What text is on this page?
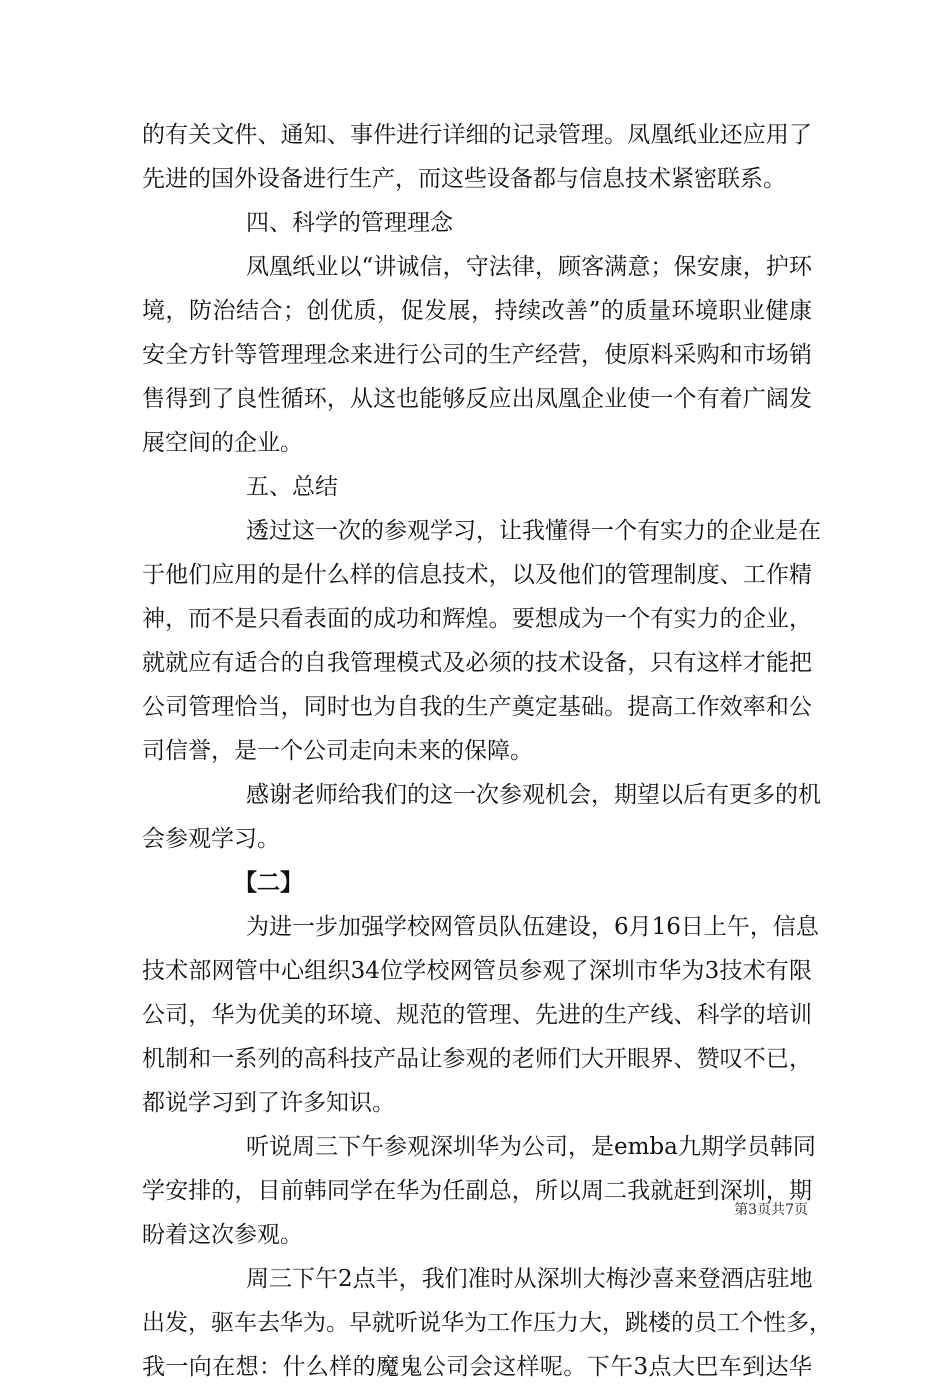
的有关文件、通知、事件进行详细的记录管理。凤凰纸业还应用了
先进的国外设备进行生产，而这些设备都与信息技术紧密联系。
四、科学的管理理念
凤凰纸业以“讲诚信，守法律，顾客满意；保安康，护环
境，防治结合；创优质，促发展，持续改善”的质量环境职业健康
安全方针等管理理念来进行公司的生产经营，使原料采购和市场销
售得到了良性循环，从这也能够反应出凤凰企业使一个有着广阔发
展空间的企业。
五、总结
透过这一次的参观学习，让我懂得一个有实力的企业是在
于他们应用的是什么样的信息技术，以及他们的管理制度、工作精
神，而不是只看表面的成功和辉煌。要想成为一个有实力的企业，
就就应有适合的自我管理模式及必须的技术设备，只有这样才能把
公司管理恰当，同时也为自我的生产奠定基础。提高工作效率和公
司信誉，是一个公司走向未来的保障。
感谢老师给我们的这一次参观机会，期望以后有更多的机
会参观学习。
【二】
为进一步加强学校网管员队伍建设，6月16日上午，信息
技术部网管中心组织34位学校网管员参观了深圳市华为3技术有限
公司，华为优美的环境、规范的管理、先进的生产线、科学的培训
机制和一系列的高科技产品让参观的老师们大开眼界、赞叹不已，
都说学习到了许多知识。
听说周三下午参观深圳华为公司，是emba九期学员韩同
学安排的，目前韩同学在华为任副总，所以周二我就赶到深圳，期
盼着这次参观。
周三下午2点半，我们准时从深圳大梅沙喜来登酒店驻地
出发，驱车去华为。早就听说华为工作压力大，跳楼的员工个性多，
我一向在想：什么样的魔鬼公司会这样呢。下午3点大巴车到达华
第3页共7页
